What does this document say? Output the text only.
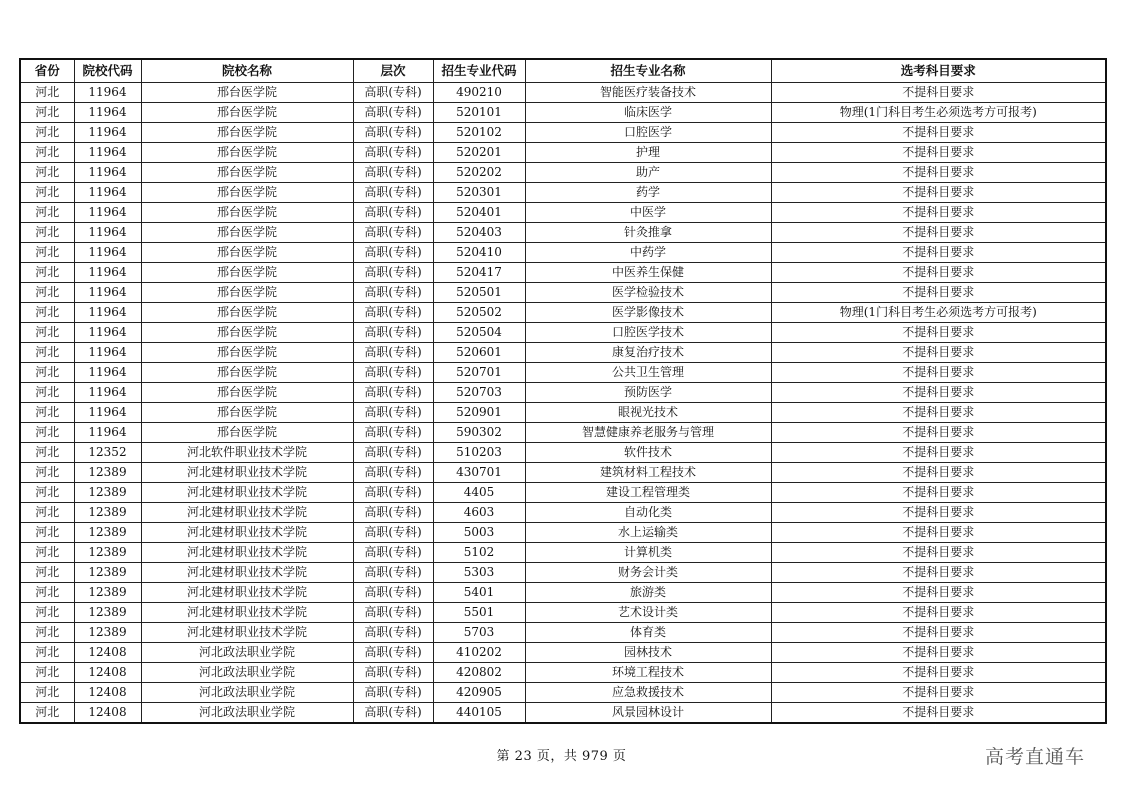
省份	院校代码	院校名称	层次	招生专业代码	招生专业名称	选考科目要求
河北	11964	邢台医学院	高职(专科)	490210	智能医疗装备技术	不提科目要求
河北	11964	邢台医学院	高职(专科)	520101	临床医学	物理(1门科目考生必须选考方可报考)
河北	11964	邢台医学院	高职(专科)	520102	口腔医学	不提科目要求
河北	11964	邢台医学院	高职(专科)	520201	护理	不提科目要求
河北	11964	邢台医学院	高职(专科)	520202	助产	不提科目要求
河北	11964	邢台医学院	高职(专科)	520301	药学	不提科目要求
河北	11964	邢台医学院	高职(专科)	520401	中医学	不提科目要求
河北	11964	邢台医学院	高职(专科)	520403	针灸推拿	不提科目要求
河北	11964	邢台医学院	高职(专科)	520410	中药学	不提科目要求
河北	11964	邢台医学院	高职(专科)	520417	中医养生保健	不提科目要求
河北	11964	邢台医学院	高职(专科)	520501	医学检验技术	不提科目要求
河北	11964	邢台医学院	高职(专科)	520502	医学影像技术	物理(1门科目考生必须选考方可报考)
河北	11964	邢台医学院	高职(专科)	520504	口腔医学技术	不提科目要求
河北	11964	邢台医学院	高职(专科)	520601	康复治疗技术	不提科目要求
河北	11964	邢台医学院	高职(专科)	520701	公共卫生管理	不提科目要求
河北	11964	邢台医学院	高职(专科)	520703	预防医学	不提科目要求
河北	11964	邢台医学院	高职(专科)	520901	眼视光技术	不提科目要求
河北	11964	邢台医学院	高职(专科)	590302	智慧健康养老服务与管理	不提科目要求
河北	12352	河北软件职业技术学院	高职(专科)	510203	软件技术	不提科目要求
河北	12389	河北建材职业技术学院	高职(专科)	430701	建筑材料工程技术	不提科目要求
河北	12389	河北建材职业技术学院	高职(专科)	4405	建设工程管理类	不提科目要求
河北	12389	河北建材职业技术学院	高职(专科)	4603	自动化类	不提科目要求
河北	12389	河北建材职业技术学院	高职(专科)	5003	水上运输类	不提科目要求
河北	12389	河北建材职业技术学院	高职(专科)	5102	计算机类	不提科目要求
河北	12389	河北建材职业技术学院	高职(专科)	5303	财务会计类	不提科目要求
河北	12389	河北建材职业技术学院	高职(专科)	5401	旅游类	不提科目要求
河北	12389	河北建材职业技术学院	高职(专科)	5501	艺术设计类	不提科目要求
河北	12389	河北建材职业技术学院	高职(专科)	5703	体育类	不提科目要求
河北	12408	河北政法职业学院	高职(专科)	410202	园林技术	不提科目要求
河北	12408	河北政法职业学院	高职(专科)	420802	环境工程技术	不提科目要求
河北	12408	河北政法职业学院	高职(专科)	420905	应急救援技术	不提科目要求
河北	12408	河北政法职业学院	高职(专科)	440105	风景园林设计	不提科目要求
第 23 页，共 979 页	高考直通车
